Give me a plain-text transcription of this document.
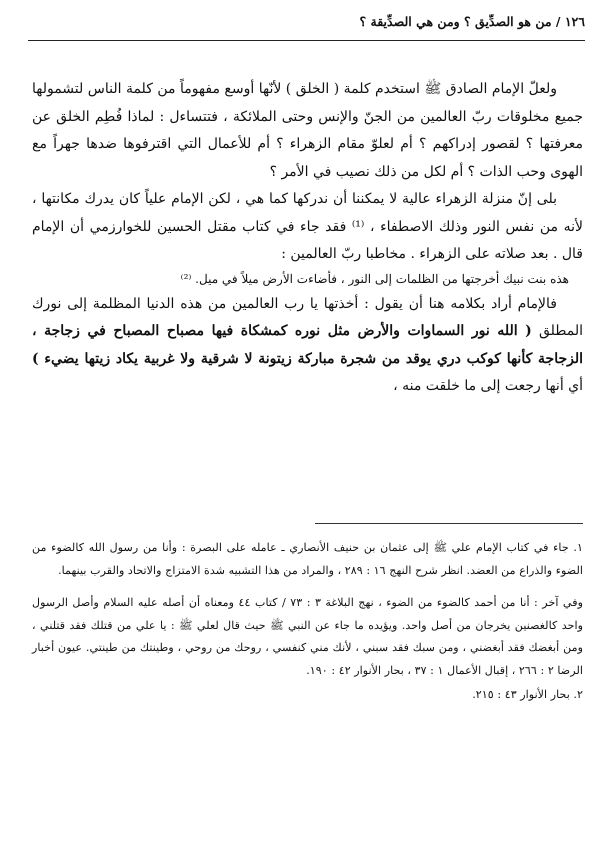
١٢٦ / من هو الصدِّيق ؟ ومن هي الصدِّيقة ؟

ولعلّ الإمام الصادق ﷺ استخدم كلمة ( الخلق ) لأنّها أوسع مفهوماً من كلمة الناس لتشمولها جميع مخلوقات ربّ العالمين من الجنّ والإنس وحتى الملائكة ، فتتساءل : لماذا فُطِم الخلق عن معرفتها ؟ لقصور إدراكهم ؟ أم لعلوّ مقام الزهراء ؟ أم للأعمال التي اقترفوها ضدها جهراً مع الهوى وحب الذات ؟ أم لكل من ذلك نصيب في الأمر ؟

بلى إنّ منزلة الزهراء عالية لا يمكننا أن ندركها كما هي ، لكن الإمام علياً كان يدرك مكانتها ، لأنه من نفس النور وذلك الاصطفاء ، ⁽¹⁾ فقد جاء في كتاب مقتل الحسين للخوارزمي أن الإمام قال . بعد صلاته على الزهراء . مخاطبا ربّ العالمين :

هذه بنت نبيك أخرجتها من الظلمات إلى النور ، فأضاءت الأرض ميلاً في ميل. ⁽²⁾

فالإمام أراد بكلامه هنا أن يقول : أخذتها يا رب العالمين من هذه الدنيا المظلمة إلى نورك المطلق ( الله نور السماوات والأرض مثل نوره كمشكاة فيها مصباح المصباح في زجاجة ، الزجاجة كأنها كوكب دري يوقد من شجرة مباركة زيتونة لا شرقية ولا غربية يكاد زيتها يضيء ) أي أنها رجعت إلى ما خلقت منه ،

١. جاء في كتاب الإمام علي ﷺ إلى عثمان بن حنيف الأنصاري ـ عامله على البصرة : وأنا من رسول الله كالضوء من الضوء والذراع من العضد. انظر شرح النهج ١٦ : ٢٨٩ ، والمراد من هذا التشبيه شدة الامتزاج والاتحاد والقرب بينهما.

وفي آخر : أنا من أحمد كالضوء من الضوء ، نهج البلاغة ٣ : ٧٣ / كتاب ٤٤ ومعناه أن أصله عليه السلام وأصل الرسول واحد كالغصنين يخرجان من أصل واحد. ويؤيده ما جاء عن النبي ﷺ حيث قال لعلي ﷺ : يا علي من قتلك فقد قتلني ، ومن أبغضك فقد أبغضني ، ومن سبك فقد سبني ، لأنك مني كنفسي ، روحك من روحي ، وطينتك من طينتي. عيون أخبار الرضا ٢ : ٢٦٦ ، إقبال الأعمال ١ : ٣٧ ، بحار الأنوار ٤٢ : ١٩٠.

٢. بحار الأنوار ٤٣ : ٢١٥.
